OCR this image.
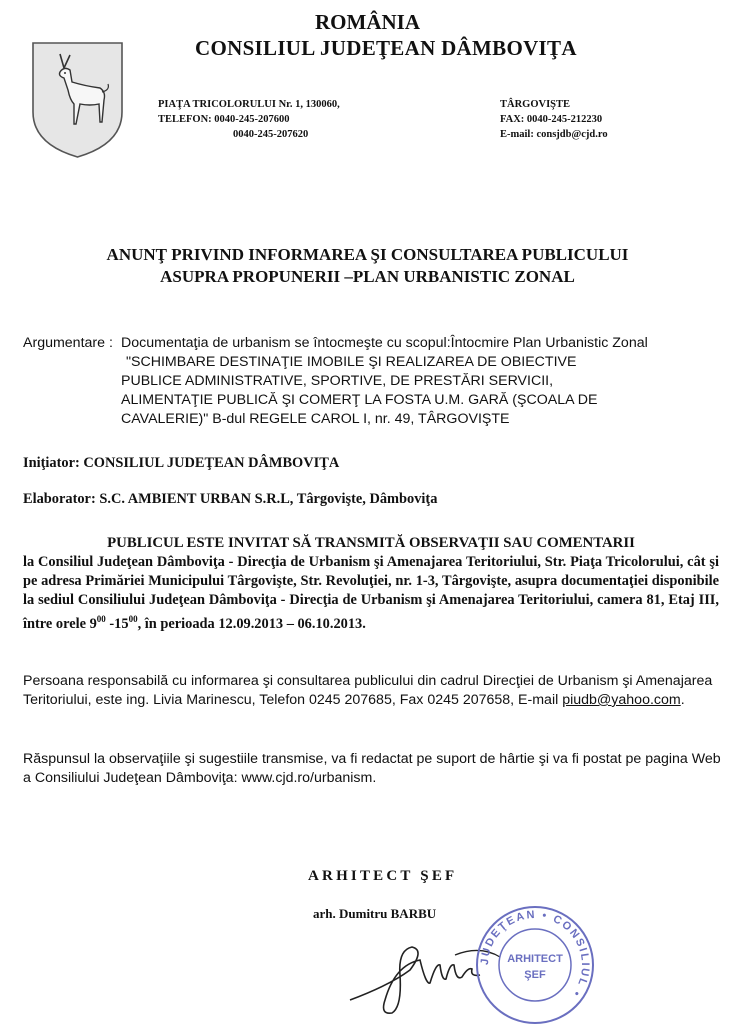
ROMÂNIA
CONSILIUL JUDEŢEAN DÂMBOVIŢA
PIAŢA TRICOLORULUI Nr. 1, 130060,
TELEFON: 0040-245-207600
0040-245-207620
TÂRGOVIŞTE
FAX: 0040-245-212230
E-mail: consjdb@cjd.ro
ANUNŢ PRIVIND INFORMAREA ŞI CONSULTAREA PUBLICULUI
ASUPRA PROPUNERII –PLAN URBANISTIC ZONAL
Argumentare : Documentaţia de urbanism se întocmeşte cu scopul:Întocmire Plan Urbanistic Zonal
"SCHIMBARE DESTINAŢIE IMOBILE ŞI REALIZAREA DE OBIECTIVE
PUBLICE ADMINISTRATIVE, SPORTIVE, DE PRESTĂRI SERVICII,
ALIMENTAŢIE PUBLICĂ ŞI COMERŢ LA FOSTA U.M. GARĂ (ŞCOALA DE
CAVALERIE)" B-dul REGELE CAROL I, nr. 49, TÂRGOVIŞTE
Iniţiator: CONSILIUL JUDEŢEAN DÂMBOVIŢA
Elaborator: S.C. AMBIENT URBAN S.R.L, Târgovişte, Dâmboviţa
PUBLICUL ESTE INVITAT SĂ TRANSMITĂ OBSERVAŢII SAU COMENTARII
la Consiliul Judeţean Dâmboviţa - Direcţia de Urbanism şi Amenajarea Teritoriului, Str. Piaţa Tricolorului, cât şi pe adresa Primăriei Municipului Târgovişte, Str. Revoluţiei, nr. 1-3, Târgovişte, asupra documentaţiei disponibile la sediul Consiliului Judeţean Dâmboviţa - Direcţia de Urbanism şi Amenajarea Teritoriului, camera 81, Etaj III, între orele $9^{00}$ $-15^{00}$, în perioada 12.09.2013 – 06.10.2013.
Persoana responsabilă cu informarea şi consultarea publicului din cadrul Direcţiei de Urbanism şi Amenajarea Teritoriului, este ing. Livia Marinescu, Telefon 0245 207685, Fax 0245 207658, E-mail piudb@yahoo.com.
Răspunsul la observaţiile şi sugestiile transmise, va fi redactat pe suport de hârtie şi va fi postat pe pagina Web a Consiliului Judeţean Dâmboviţa: www.cjd.ro/urbanism.
ARHITECT ŞEF
arh. Dumitru BARBU
JUDEŢEAN • CONSILIUL •
ARHITECT
ŞEF
